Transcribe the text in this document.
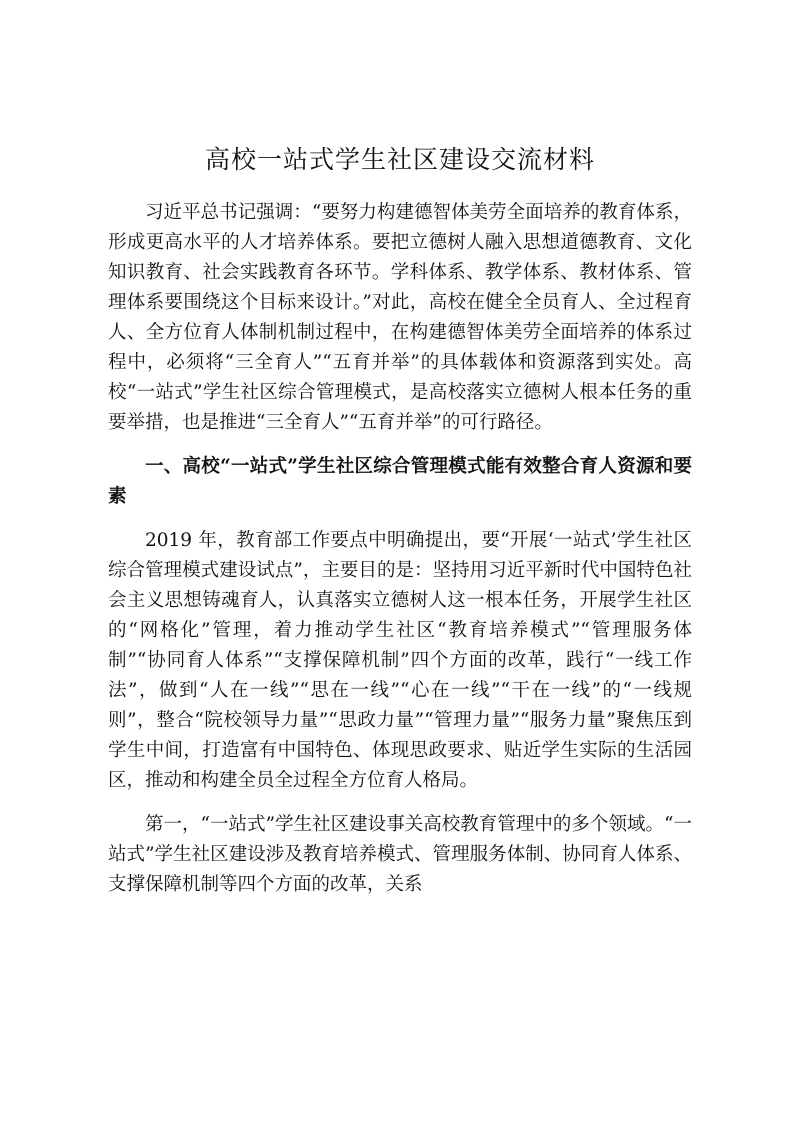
高校一站式学生社区建设交流材料

习近平总书记强调：“要努力构建德智体美劳全面培养的教育体系，形成更高水平的人才培养体系。要把立德树人融入思想道德教育、文化知识教育、社会实践教育各环节。学科体系、教学体系、教材体系、管理体系要围绕这个目标来设计。”对此，高校在健全全员育人、全过程育人、全方位育人体制机制过程中，在构建德智体美劳全面培养的体系过程中，必须将“三全育人”“五育并举”的具体载体和资源落到实处。高校“一站式”学生社区综合管理模式，是高校落实立德树人根本任务的重要举措，也是推进“三全育人”“五育并举”的可行路径。

一、高校“一站式”学生社区综合管理模式能有效整合育人资源和要素

2019 年，教育部工作要点中明确提出，要“开展‘一站式’学生社区综合管理模式建设试点”，主要目的是：坚持用习近平新时代中国特色社会主义思想铸魂育人，认真落实立德树人这一根本任务，开展学生社区的“网格化”管理，着力推动学生社区“教育培养模式”“管理服务体制”“协同育人体系”“支撑保障机制”四个方面的改革，践行“一线工作法”，做到“人在一线”“思在一线”“心在一线”“干在一线”的“一线规则”，整合“院校领导力量”“思政力量”“管理力量”“服务力量”聚焦压到学生中间，打造富有中国特色、体现思政要求、贴近学生实际的生活园区，推动和构建全员全过程全方位育人格局。

第一，“一站式”学生社区建设事关高校教育管理中的多个领域。“一站式”学生社区建设涉及教育培养模式、管理服务体制、协同育人体系、支撑保障机制等四个方面的改革，关系
